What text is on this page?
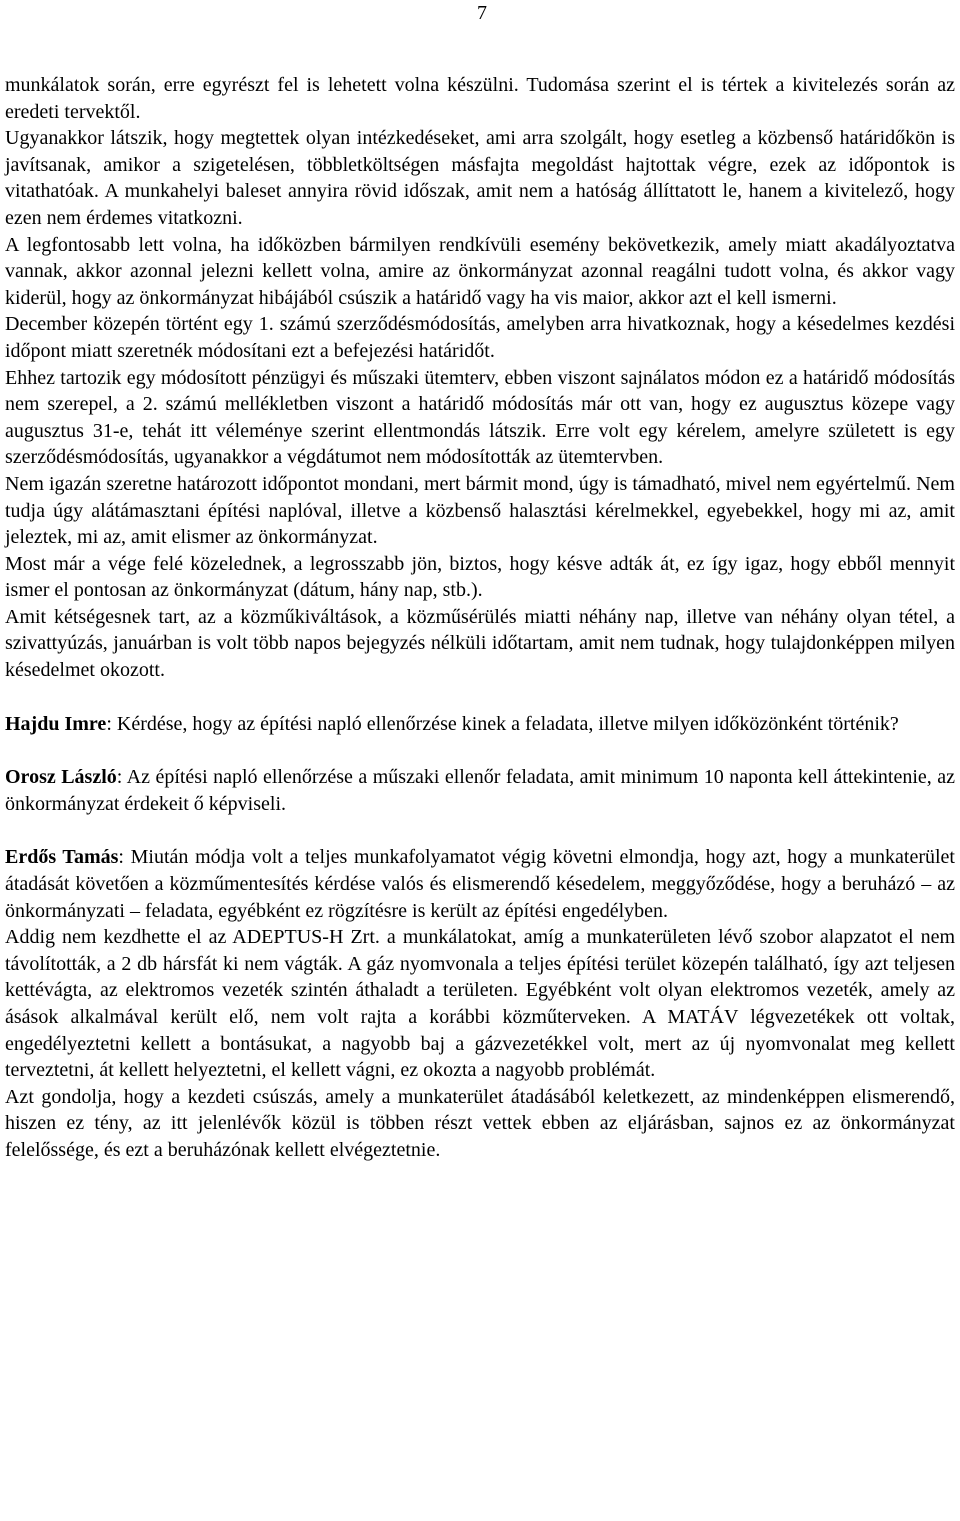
7

munkálatok során, erre egyrészt fel is lehetett volna készülni. Tudomása szerint el is tértek a kivitelezés során az eredeti tervektől.

Ugyanakkor látszik, hogy megtettek olyan intézkedéseket, ami arra szolgált, hogy esetleg a közbenső határidőkön is javítsanak, amikor a szigetelésen, többletköltségen másfajta megoldást hajtottak végre, ezek az időpontok is vitathatóak. A munkahelyi baleset annyira rövid időszak, amit nem a hatóság állíttatott le, hanem a kivitelező, hogy ezen nem érdemes vitatkozni.

A legfontosabb lett volna, ha időközben bármilyen rendkívüli esemény bekövetkezik, amely miatt akadályoztatva vannak, akkor azonnal jelezni kellett volna, amire az önkormányzat azonnal reagálni tudott volna, és akkor vagy kiderül, hogy az önkormányzat hibájából csúszik a határidő vagy ha vis maior, akkor azt el kell ismerni.

December közepén történt egy 1. számú szerződésmódosítás, amelyben arra hivatkoznak, hogy a késedelmes kezdési időpont miatt szeretnék módosítani ezt a befejezési határidőt.

Ehhez tartozik egy módosított pénzügyi és műszaki ütemterv, ebben viszont sajnálatos módon ez a határidő módosítás nem szerepel, a 2. számú mellékletben viszont a határidő módosítás már ott van, hogy ez augusztus közepe vagy augusztus 31-e, tehát itt véleménye szerint ellentmondás látszik. Erre volt egy kérelem, amelyre született is egy szerződésmódosítás, ugyanakkor a végdátumot nem módosították az ütemtervben.

Nem igazán szeretne határozott időpontot mondani, mert bármit mond, úgy is támadható, mivel nem egyértelmű. Nem tudja úgy alátámasztani építési naplóval, illetve a közbenső halasztási kérelmekkel, egyebekkel, hogy mi az, amit jeleztek, mi az, amit elismer az önkormányzat.

Most már a vége felé közelednek, a legrosszabb jön, biztos, hogy késve adták át, ez így igaz, hogy ebből mennyit ismer el pontosan az önkormányzat (dátum, hány nap, stb.).

Amit kétségesnek tart, az a közműkiváltások, a közműsérülés miatti néhány nap, illetve van néhány olyan tétel, a szivattyúzás, januárban is volt több napos bejegyzés nélküli időtartam, amit nem tudnak, hogy tulajdonképpen milyen késedelmet okozott.

Hajdu Imre: Kérdése, hogy az építési napló ellenőrzése kinek a feladata, illetve milyen időközönként történik?

Orosz László: Az építési napló ellenőrzése a műszaki ellenőr feladata, amit minimum 10 naponta kell áttekintenie, az önkormányzat érdekeit ő képviseli.

Erdős Tamás: Miután módja volt a teljes munkafolyamatot végig követni elmondja, hogy azt, hogy a munkaterület átadását követően a közműmentesítés kérdése valós és elismerendő késedelem, meggyőződése, hogy a beruházó – az önkormányzati – feladata, egyébként ez rögzítésre is került az építési engedélyben.

Addig nem kezdhette el az ADEPTUS-H Zrt. a munkálatokat, amíg a munkaterületen lévő szobor alapzatot el nem távolították, a 2 db hársfát ki nem vágták. A gáz nyomvonala a teljes építési terület közepén található, így azt teljesen kettévágta, az elektromos vezeték szintén áthaladt a területen. Egyébként volt olyan elektromos vezeték, amely az ásások alkalmával került elő, nem volt rajta a korábbi közműterveken. A MATÁV légvezetékek ott voltak, engedélyeztetni kellett a bontásukat, a nagyobb baj a gázvezetékkel volt, mert az új nyomvonalat meg kellett terveztetni, át kellett helyeztetni, el kellett vágni, ez okozta a nagyobb problémát.

Azt gondolja, hogy a kezdeti csúszás, amely a munkaterület átadásából keletkezett, az mindenképpen elismerendő, hiszen ez tény, az itt jelenlévők közül is többen részt vettek ebben az eljárásban, sajnos ez az önkormányzat felelőssége, és ezt a beruházónak kellett elvégeztetnie.
